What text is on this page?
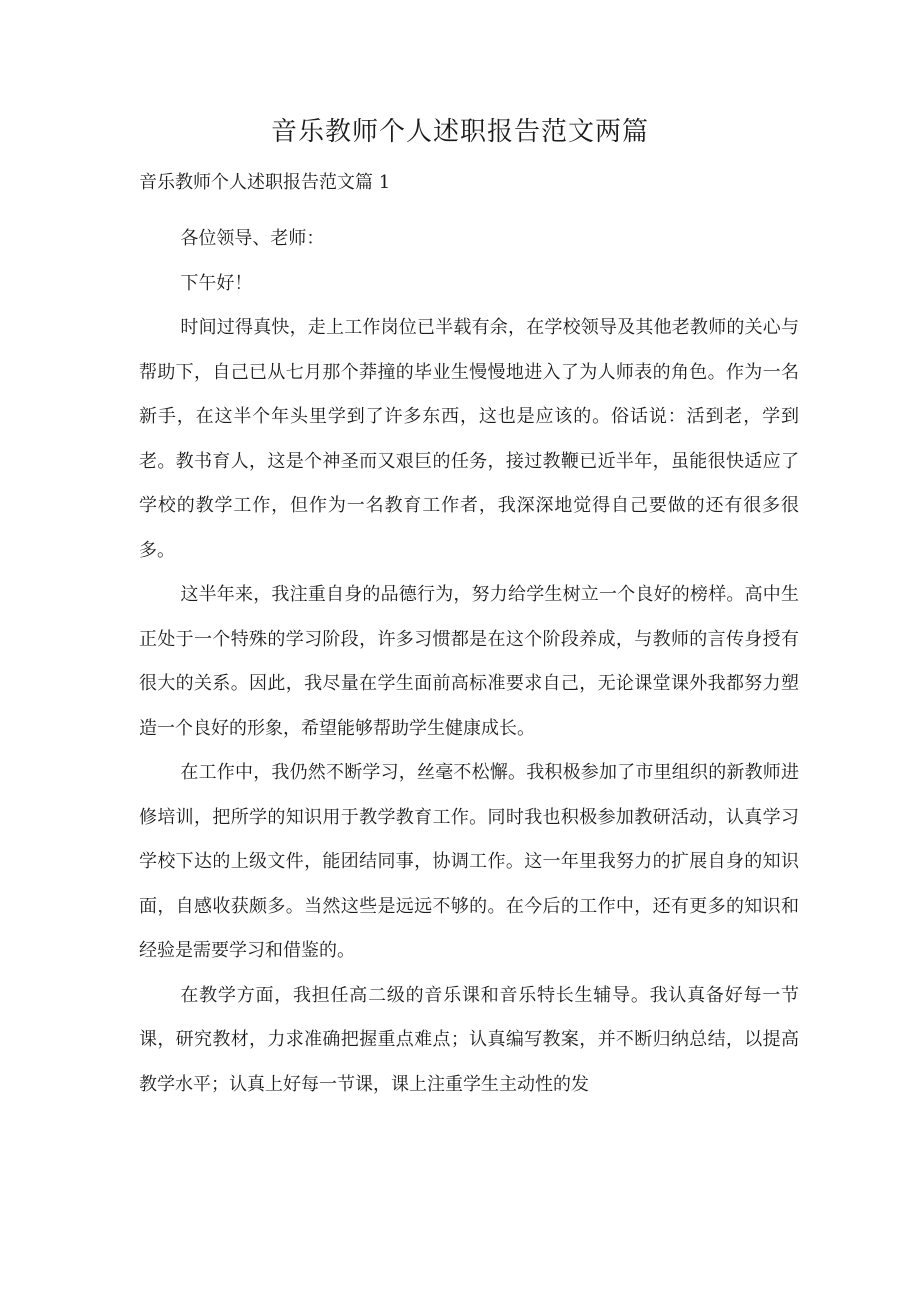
音乐教师个人述职报告范文两篇
音乐教师个人述职报告范文篇 1

各位领导、老师：

下午好！

时间过得真快，走上工作岗位已半载有余，在学校领导及其他老教师的关心与帮助下，自己已从七月那个莽撞的毕业生慢慢地进入了为人师表的角色。作为一名新手，在这半个年头里学到了许多东西，这也是应该的。俗话说：活到老，学到老。教书育人，这是个神圣而又艰巨的任务，接过教鞭已近半年，虽能很快适应了学校的教学工作，但作为一名教育工作者，我深深地觉得自己要做的还有很多很多。

这半年来，我注重自身的品德行为，努力给学生树立一个良好的榜样。高中生正处于一个特殊的学习阶段，许多习惯都是在这个阶段养成，与教师的言传身授有很大的关系。因此，我尽量在学生面前高标准要求自己，无论课堂课外我都努力塑造一个良好的形象，希望能够帮助学生健康成长。

在工作中，我仍然不断学习，丝毫不松懈。我积极参加了市里组织的新教师进修培训，把所学的知识用于教学教育工作。同时我也积极参加教研活动，认真学习学校下达的上级文件，能团结同事，协调工作。这一年里我努力的扩展自身的知识面，自感收获颇多。当然这些是远远不够的。在今后的工作中，还有更多的知识和经验是需要学习和借鉴的。

在教学方面，我担任高二级的音乐课和音乐特长生辅导。我认真备好每一节课，研究教材，力求准确把握重点难点；认真编写教案，并不断归纳总结，以提高教学水平；认真上好每一节课，课上注重学生主动性的发
